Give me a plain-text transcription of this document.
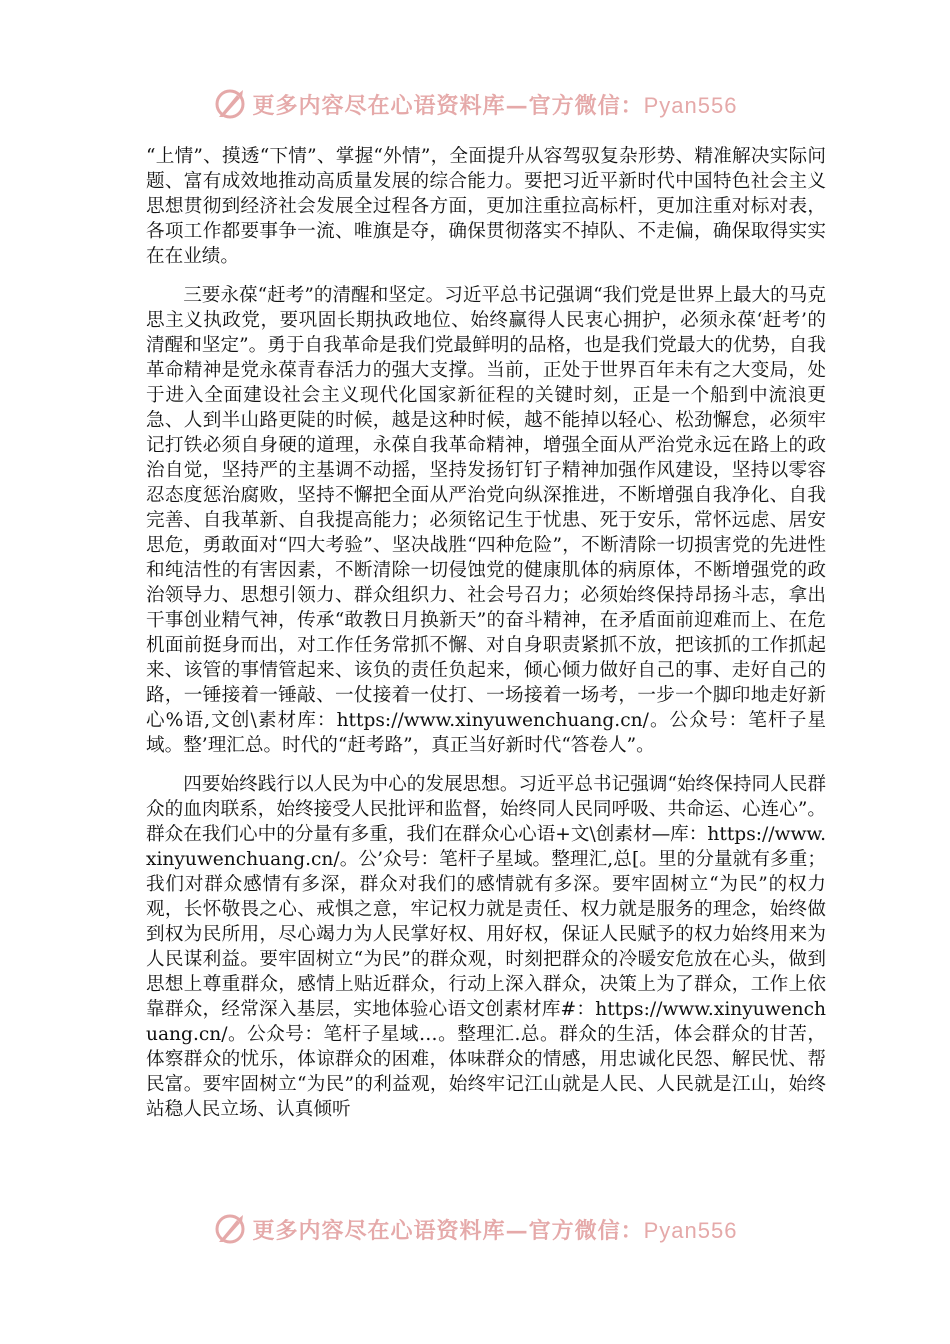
更多内容尽在心语资料库—官方微信：Pyan556

“上情”、摸透“下情”、掌握“外情”，全面提升从容驾驭复杂形势、精准解决实际问题、富有成效地推动高质量发展的综合能力。要把习近平新时代中国特色社会主义思想贯彻到经济社会发展全过程各方面，更加注重拉高标杆，更加注重对标对表，各项工作都要事争一流、唯旗是夺，确保贯彻落实不掉队、不走偏，确保取得实实在在业绩。

三要永葆“赶考”的清醒和坚定。习近平总书记强调“我们党是世界上最大的马克思主义执政党，要巩固长期执政地位、始终赢得人民衷心拥护，必须永葆‘赶考’的清醒和坚定”。勇于自我革命是我们党最鲜明的品格，也是我们党最大的优势，自我革命精神是党永葆青春活力的强大支撑。当前，正处于世界百年未有之大变局，处于进入全面建设社会主义现代化国家新征程的关键时刻，正是一个船到中流浪更急、人到半山路更陡的时候，越是这种时候，越不能掉以轻心、松劲懈怠，必须牢记打铁必须自身硬的道理，永葆自我革命精神，增强全面从严治党永远在路上的政治自觉，坚持严的主基调不动摇，坚持发扬钉钉子精神加强作风建设，坚持以零容忍态度惩治腐败，坚持不懈把全面从严治党向纵深推进，不断增强自我净化、自我完善、自我革新、自我提高能力；必须铭记生于忧患、死于安乐，常怀远虑、居安思危，勇敢面对“四大考验”、坚决战胜“四种危险”，不断清除一切损害党的先进性和纯洁性的有害因素，不断清除一切侵蚀党的健康肌体的病原体，不断增强党的政治领导力、思想引领力、群众组织力、社会号召力；必须始终保持昂扬斗志，拿出干事创业精气神，传承“敢教日月换新天”的奋斗精神，在矛盾面前迎难而上、在危机面前挺身而出，对工作任务常抓不懈、对自身职责紧抓不放，把该抓的工作抓起来、该管的事情管起来、该负的责任负起来，倾心倾力做好自己的事、走好自己的路，一锤接着一锤敲、一仗接着一仗打、一场接着一场考，一步一个脚印地走好新心%语,文创\素材库：https://www.xinyuwenchuang.cn/。公众号：笔杆子星域。整’理汇总。时代的“赶考路”，真正当好新时代“答卷人”。

四要始终践行以人民为中心的发展思想。习近平总书记强调“始终保持同人民群众的血肉联系，始终接受人民批评和监督，始终同人民同呼吸、共命运、心连心”。群众在我们心中的分量有多重，我们在群众心心语+文\创素材—库：https://www.xinyuwenchuang.cn/。公’众号：笔杆子星域。整理汇,总[。里的分量就有多重；我们对群众感情有多深，群众对我们的感情就有多深。要牢固树立“为民”的权力观，长怀敬畏之心、戒惧之意，牢记权力就是责任、权力就是服务的理念，始终做到权为民所用，尽心竭力为人民掌好权、用好权，保证人民赋予的权力始终用来为人民谋利益。要牢固树立“为民”的群众观，时刻把群众的冷暖安危放在心头，做到思想上尊重群众，感情上贴近群众，行动上深入群众，决策上为了群众，工作上依靠群众，经常深入基层，实地体验心语文创素材库#：https://www.xinyuwenchuang.cn/。公众号：笔杆子星域…。整理汇.总。群众的生活，体会群众的甘苦，体察群众的忧乐，体谅群众的困难，体味群众的情感，用忠诚化民怨、解民忧、帮民富。要牢固树立“为民”的利益观，始终牢记江山就是人民、人民就是江山，始终站稳人民立场、认真倾听

更多内容尽在心语资料库—官方微信：Pyan556
